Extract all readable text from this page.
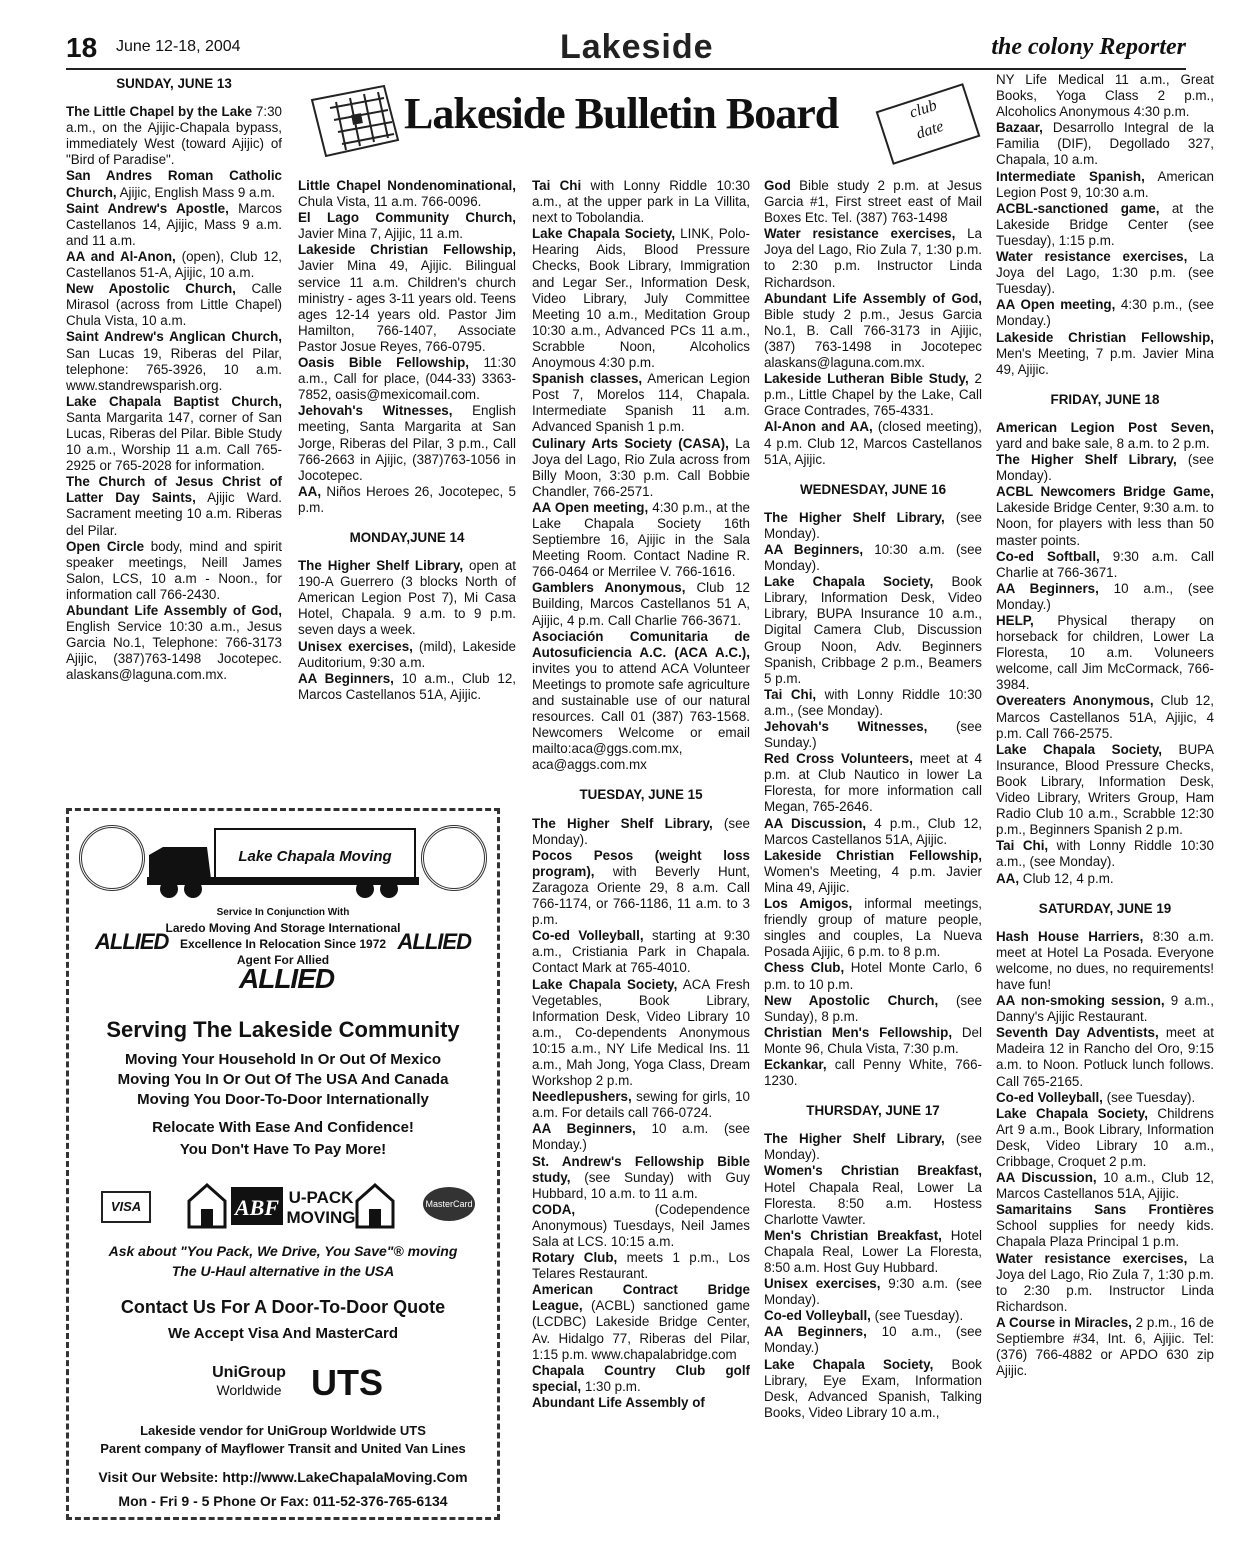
18 June 12-18, 2004	Lakeside	the colony Reporter
Lakeside Bulletin Board	club
date

SUNDAY, JUNE 13

The Little Chapel by the Lake 7:30 a.m., on the Ajijic-Chapala bypass, immediately West (toward Ajijic) of "Bird of Paradise".

San Andres Roman Catholic Church, Ajijic, English Mass 9 a.m.

Saint Andrew's Apostle, Marcos Castellanos 14, Ajijic, Mass 9 a.m. and 11 a.m.

AA and Al-Anon, (open), Club 12, Castellanos 51-A, Ajijic, 10 a.m.

New Apostolic Church, Calle Mirasol (across from Little Chapel) Chula Vista, 10 a.m.

Saint Andrew's Anglican Church, San Lucas 19, Riberas del Pilar, telephone: 765-3926, 10 a.m. www.standrewsparish.org.

Lake Chapala Baptist Church, Santa Margarita 147, corner of San Lucas, Riberas del Pilar. Bible Study 10 a.m., Worship 11 a.m. Call 765-2925 or 765-2028 for information.

The Church of Jesus Christ of Latter Day Saints, Ajijic Ward. Sacrament meeting 10 a.m. Riberas del Pilar.

Open Circle body, mind and spirit speaker meetings, Neill James Salon, LCS, 10 a.m - Noon., for information call 766-2430.

Abundant Life Assembly of God, English Service 10:30 a.m., Jesus Garcia No.1, Telephone: 766-3173 Ajijic, (387)763-1498 Jocotepec. alaskans@laguna.com.mx.

Little Chapel Nondenominational, Chula Vista, 11 a.m. 766-0096.

El Lago Community Church, Javier Mina 7, Ajijic, 11 a.m.

Lakeside Christian Fellowship, Javier Mina 49, Ajijic. Bilingual service 11 a.m. Children's church ministry - ages 3-11 years old. Teens ages 12-14 years old. Pastor Jim Hamilton, 766-1407, Associate Pastor Josue Reyes, 766-0795.

Oasis Bible Fellowship, 11:30 a.m., Call for place, (044-33) 3363-7852, oasis@mexicomail.com.

Jehovah's Witnesses, English meeting, Santa Margarita at San Jorge, Riberas del Pilar, 3 p.m., Call 766-2663 in Ajijic, (387)763-1056 in Jocotepec.

AA, Niños Heroes 26, Jocotepec, 5 p.m.

MONDAY,JUNE 14

The Higher Shelf Library, open at 190-A Guerrero (3 blocks North of American Legion Post 7), Mi Casa Hotel, Chapala. 9 a.m. to 9 p.m. seven days a week.

Unisex exercises, (mild), Lakeside Auditorium, 9:30 a.m.

AA Beginners, 10 a.m., Club 12, Marcos Castellanos 51A, Ajijic.

Tai Chi with Lonny Riddle 10:30 a.m., at the upper park in La Villita, next to Tobolandia.

Lake Chapala Society, LINK, Polo-Hearing Aids, Blood Pressure Checks, Book Library, Immigration and Legar Ser., Information Desk, Video Library, July Committee Meeting 10 a.m., Meditation Group 10:30 a.m., Advanced PCs 11 a.m., Scrabble Noon, Alcoholics Anoymous 4:30 p.m.

Spanish classes, American Legion Post 7, Morelos 114, Chapala. Intermediate Spanish 11 a.m. Advanced Spanish 1 p.m.

Culinary Arts Society (CASA), La Joya del Lago, Rio Zula across from Billy Moon, 3:30 p.m. Call Bobbie Chandler, 766-2571.

AA Open meeting, 4:30 p.m., at the Lake Chapala Society 16th Septiembre 16, Ajijic in the Sala Meeting Room. Contact Nadine R. 766-0464 or Merrilee V. 766-1616.

Gamblers Anonymous, Club 12 Building, Marcos Castellanos 51 A, Ajijic, 4 p.m. Call Charlie 766-3671.

Asociación Comunitaria de Autosuficiencia A.C. (ACA A.C.), invites you to attend ACA Volunteer Meetings to promote safe agriculture and sustainable use of our natural resources. Call 01 (387) 763-1568. Newcomers Welcome or email mailto:aca@ggs.com.mx, aca@aggs.com.mx

TUESDAY, JUNE 15

The Higher Shelf Library, (see Monday).

Pocos Pesos (weight loss program), with Beverly Hunt, Zaragoza Oriente 29, 8 a.m. Call 766-1174, or 766-1186, 11 a.m. to 3 p.m.

Co-ed Volleyball, starting at 9:30 a.m., Cristiania Park in Chapala. Contact Mark at 765-4010.

Lake Chapala Society, ACA Fresh Vegetables, Book Library, Information Desk, Video Library 10 a.m., Co-dependents Anonymous 10:15 a.m., NY Life Medical Ins. 11 a.m., Mah Jong, Yoga Class, Dream Workshop 2 p.m.

Needlepushers, sewing for girls, 10 a.m. For details call 766-0724.

AA Beginners, 10 a.m. (see Monday.)

St. Andrew's Fellowship Bible study, (see Sunday) with Guy Hubbard, 10 a.m. to 11 a.m.

CODA, (Codependence Anonymous) Tuesdays, Neil James Sala at LCS. 10:15 a.m.

Rotary Club, meets 1 p.m., Los Telares Restaurant.

American Contract Bridge League, (ACBL) sanctioned game (LCDBC) Lakeside Bridge Center, Av. Hidalgo 77, Riberas del Pilar, 1:15 p.m. www.chapalabridge.com

Chapala Country Club golf special, 1:30 p.m.

Abundant Life Assembly of

God Bible study 2 p.m. at Jesus Garcia #1, First street east of Mail Boxes Etc. Tel. (387) 763-1498

Water resistance exercises, La Joya del Lago, Rio Zula 7, 1:30 p.m. to 2:30 p.m. Instructor Linda Richardson.

Abundant Life Assembly of God, Bible study 2 p.m., Jesus Garcia No.1, B. Call 766-3173 in Ajijic, (387) 763-1498 in Jocotepec alaskans@laguna.com.mx.

Lakeside Lutheran Bible Study, 2 p.m., Little Chapel by the Lake, Call Grace Contrades, 765-4331.

Al-Anon and AA, (closed meeting), 4 p.m. Club 12, Marcos Castellanos 51A, Ajijic.

WEDNESDAY, JUNE 16

The Higher Shelf Library, (see Monday).

AA Beginners, 10:30 a.m. (see Monday).

Lake Chapala Society, Book Library, Information Desk, Video Library, BUPA Insurance 10 a.m., Digital Camera Club, Discussion Group Noon, Adv. Beginners Spanish, Cribbage 2 p.m., Beamers 5 p.m.

Tai Chi, with Lonny Riddle 10:30 a.m., (see Monday).

Jehovah's Witnesses, (see Sunday.)

Red Cross Volunteers, meet at 4 p.m. at Club Nautico in lower La Floresta, for more information call Megan, 765-2646.

AA Discussion, 4 p.m., Club 12, Marcos Castellanos 51A, Ajijic.

Lakeside Christian Fellowship, Women's Meeting, 4 p.m. Javier Mina 49, Ajijic.

Los Amigos, informal meetings, friendly group of mature people, singles and couples, La Nueva Posada Ajijic, 6 p.m. to 8 p.m.

Chess Club, Hotel Monte Carlo, 6 p.m. to 10 p.m.

New Apostolic Church, (see Sunday), 8 p.m.

Christian Men's Fellowship, Del Monte 96, Chula Vista, 7:30 p.m.

Eckankar, call Penny White, 766-1230.

THURSDAY, JUNE 17

The Higher Shelf Library, (see Monday).

Women's Christian Breakfast, Hotel Chapala Real, Lower La Floresta. 8:50 a.m. Hostess Charlotte Vawter.

Men's Christian Breakfast, Hotel Chapala Real, Lower La Floresta, 8:50 a.m. Host Guy Hubbard.

Unisex exercises, 9:30 a.m. (see Monday).

Co-ed Volleyball, (see Tuesday).

AA Beginners, 10 a.m., (see Monday.)

Lake Chapala Society, Book Library, Eye Exam, Information Desk, Advanced Spanish, Talking Books, Video Library 10 a.m.,

NY Life Medical 11 a.m., Great Books, Yoga Class 2 p.m., Alcoholics Anonymous 4:30 p.m.

Bazaar, Desarrollo Integral de la Familia (DIF), Degollado 327, Chapala, 10 a.m.

Intermediate Spanish, American Legion Post 9, 10:30 a.m.

ACBL-sanctioned game, at the Lakeside Bridge Center (see Tuesday), 1:15 p.m.

Water resistance exercises, La Joya del Lago, 1:30 p.m. (see Tuesday).

AA Open meeting, 4:30 p.m., (see Monday.)

Lakeside Christian Fellowship, Men's Meeting, 7 p.m. Javier Mina 49, Ajijic.

FRIDAY, JUNE 18

American Legion Post Seven, yard and bake sale, 8 a.m. to 2 p.m.

The Higher Shelf Library, (see Monday).

ACBL Newcomers Bridge Game, Lakeside Bridge Center, 9:30 a.m. to Noon, for players with less than 50 master points.

Co-ed Softball, 9:30 a.m. Call Charlie at 766-3671.

AA Beginners, 10 a.m., (see Monday.)

HELP, Physical therapy on horseback for children, Lower La Floresta, 10 a.m. Voluneers welcome, call Jim McCormack, 766-3984.

Overeaters Anonymous, Club 12, Marcos Castellanos 51A, Ajijic, 4 p.m. Call 766-2575.

Lake Chapala Society, BUPA Insurance, Blood Pressure Checks, Book Library, Information Desk, Video Library, Writers Group, Ham Radio Club 10 a.m., Scrabble 12:30 p.m., Beginners Spanish 2 p.m.

Tai Chi, with Lonny Riddle 10:30 a.m., (see Monday).

AA, Club 12, 4 p.m.

SATURDAY, JUNE 19

Hash House Harriers, 8:30 a.m. meet at Hotel La Posada. Everyone welcome, no dues, no requirements! have fun!

AA non-smoking session, 9 a.m., Danny's Ajijic Restaurant.

Seventh Day Adventists, meet at Madeira 12 in Rancho del Oro, 9:15 a.m. to Noon. Potluck lunch follows. Call 765-2165.

Co-ed Volleyball, (see Tuesday).

Lake Chapala Society, Childrens Art 9 a.m., Book Library, Information Desk, Video Library 10 a.m., Cribbage, Croquet 2 p.m.

AA Discussion, 10 a.m., Club 12, Marcos Castellanos 51A, Ajijic.

Samaritains Sans Frontières School supplies for needy kids. Chapala Plaza Principal 1 p.m.

Water resistance exercises, La Joya del Lago, Rio Zula 7, 1:30 p.m. to 2:30 p.m. Instructor Linda Richardson.

A Course in Miracles, 2 p.m., 16 de Septiembre #34, Int. 6, Ajijic. Tel: (376) 766-4882 or APDO 630 zip Ajijic.

Lake Chapala Moving
Service In Conjunction With
Laredo Moving And Storage International
Excellence In Relocation Since 1972
Agent For Allied
ALLIED	ALLIED
ALLIED
Serving The Lakeside Community
Moving Your Household In Or Out Of Mexico
Moving You In Or Out Of The USA And Canada
Moving You Door-To-Door Internationally
Relocate With Ease And Confidence!
You Don't Have To Pay More!
VISA	ABF U-PACK
MOVING
MasterCard
Ask about "You Pack, We Drive, You Save"® moving
The U-Haul alternative in the USA
Contact Us For A Door-To-Door Quote
We Accept Visa And MasterCard
UniGroup
Worldwide UTS
Lakeside vendor for UniGroup Worldwide UTS
Parent company of Mayflower Transit and United Van Lines
Visit Our Website: http://www.LakeChapalaMoving.Com
Mon - Fri 9 - 5 Phone Or Fax: 011-52-376-765-6134
